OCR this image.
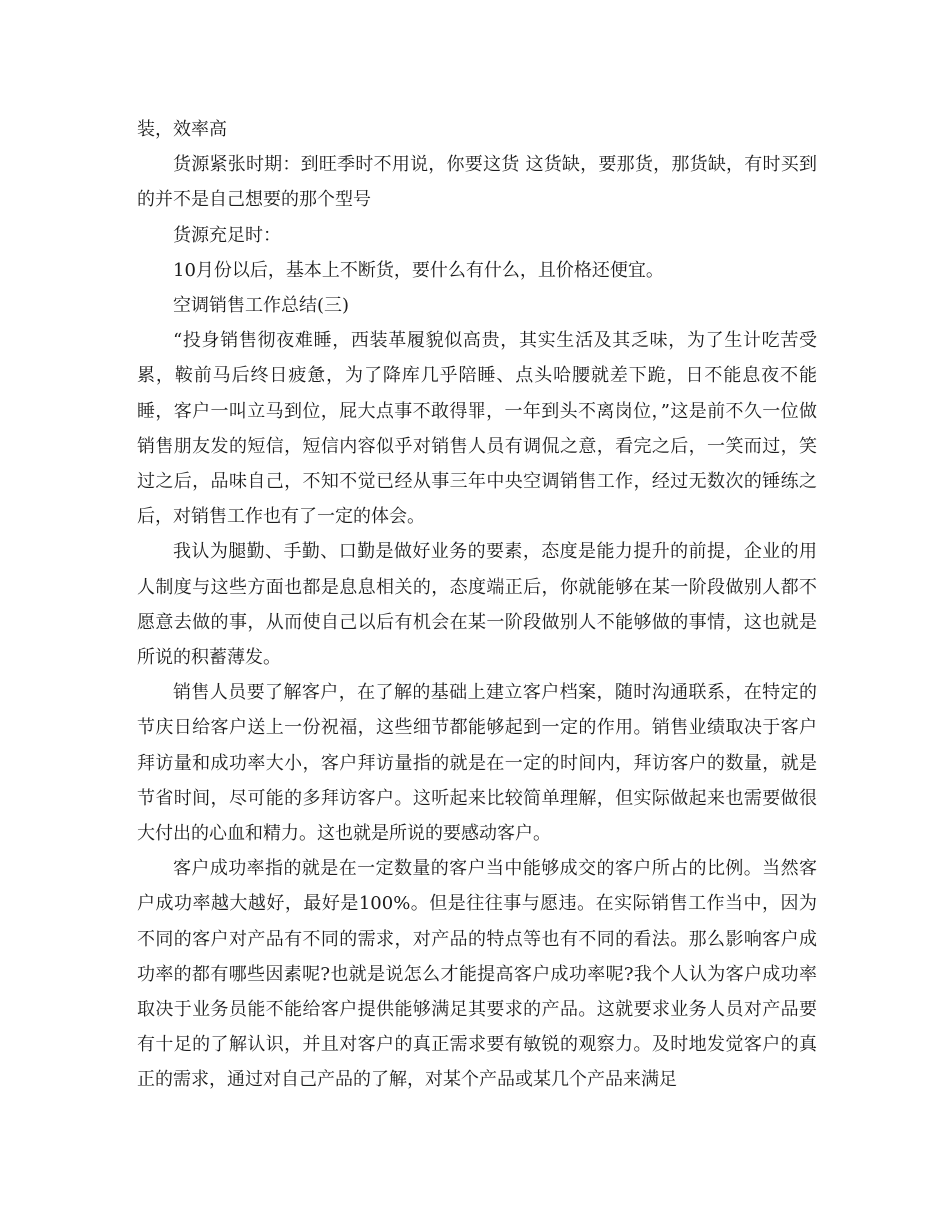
装，效率高

货源紧张时期：到旺季时不用说，你要这货 这货缺，要那货，那货缺，有时买到的并不是自己想要的那个型号

货源充足时：

10月份以后，基本上不断货，要什么有什么，且价格还便宜。

空调销售工作总结(三)

“投身销售彻夜难睡，西装革履貌似高贵，其实生活及其乏味，为了生计吃苦受累，鞍前马后终日疲惫，为了降库几乎陪睡、点头哈腰就差下跪，日不能息夜不能睡，客户一叫立马到位，屁大点事不敢得罪，一年到头不离岗位，”这是前不久一位做销售朋友发的短信，短信内容似乎对销售人员有调侃之意，看完之后，一笑而过，笑过之后，品味自己，不知不觉已经从事三年中央空调销售工作，经过无数次的锤练之后，对销售工作也有了一定的体会。

我认为腿勤、手勤、口勤是做好业务的要素，态度是能力提升的前提，企业的用人制度与这些方面也都是息息相关的，态度端正后，你就能够在某一阶段做别人都不愿意去做的事，从而使自己以后有机会在某一阶段做别人不能够做的事情，这也就是所说的积蓄薄发。

销售人员要了解客户，在了解的基础上建立客户档案，随时沟通联系，在特定的节庆日给客户送上一份祝福，这些细节都能够起到一定的作用。销售业绩取决于客户拜访量和成功率大小，客户拜访量指的就是在一定的时间内，拜访客户的数量，就是节省时间，尽可能的多拜访客户。这听起来比较简单理解，但实际做起来也需要做很大付出的心血和精力。这也就是所说的要感动客户。

客户成功率指的就是在一定数量的客户当中能够成交的客户所占的比例。当然客户成功率越大越好，最好是100%。但是往往事与愿违。在实际销售工作当中，因为不同的客户对产品有不同的需求，对产品的特点等也有不同的看法。那么影响客户成功率的都有哪些因素呢?也就是说怎么才能提高客户成功率呢?我个人认为客户成功率取决于业务员能不能给客户提供能够满足其要求的产品。这就要求业务人员对产品要有十足的了解认识，并且对客户的真正需求要有敏锐的观察力。及时地发觉客户的真正的需求，通过对自己产品的了解，对某个产品或某几个产品来满足
